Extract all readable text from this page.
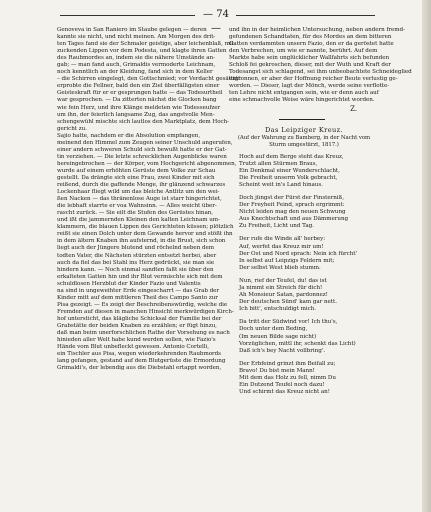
— 74 —
Genovevа in San Raniero im Staube gelegen — deren
kannte sie nicht, und nicht meinen. Am Morgen des drit-
ten Tages fand sie der Schmaler geistige, aber leichenblaß, mit
zuckenden Lippen vor dem Podesta, und klagte ihren Gatten
des Raubmordes an, indem sie die nähere Umstände an-
gab; — man fand auch, Grimaldis vermoderte Leichnam,
noch kenntlich an der Kleidung, fand sich in dem Keller
– die Schirren eingelegt, den Gottschmied; vor Verdacht gesättigt
erprobte die Fellner, bald den ein Ziel überfälligsten einer
Geisteskraft für er er gesprungen hatte — das Todesurtheil
war gesprochen. — Da zitterten nächst die Glocken bang
wie fein Herz, und ihre Klänge meldeten wie Todesseufzer
um ihn, der feierlich langsame Zug, das angstvolle Men-
schengewühl mischte sich lautlos den Marktplatz, dem Hoch-
gericht zu.
Sajio hatte, nachdem er die Absolution empfangen,
meinend den Himmel zum Zeugen seiner Unschuld angerufen,
einer andern schweren Schuld sich bewußt hatte er der Gat-
tin verziehen. — Die letzte schrecklichen Augenblicke waren
hereingebrochen — der Körper, vom Hochgericht abgenommen,
wurde auf einem erhöhten Gerüste dem Volke zur Schau
gestellt. Da drängte sich eine Frau, zwei Kinder mit sich
reißend, durch die gaffende Menge, ihr glänzend schwarzes
Lockenhaar fliegt wild um das bleiche Antlitz um den wei-
ßen Nacken — das thränenlose Auge ist starr hingerichtet,
die lebhaft starrte er voa Wahnsinn. — Alles weicht über-
rascht zurück. — Sie eilt die Stufen des Gerüstes hinan,
und ißt die jammernden Kleinen den kalten Leichnam um-
klammern, die blauen Lippen des Gerichteten küssen; plötzlich
reißt sie einen Dolch unter dem Gewande hervor und stößt ihn
in dem ältern Knaben ihn aufsternd, in die Brust, sich schon
liegt auch der Jüngere blutend und röchelnd neben dem
todten Vater, die Nächsten stürzten entsetzt herbei, aber
auch da fiel das bei Stahl ins Herz gedrückt, sie man sie
hindern kann. — Noch einmal sandten faßt sie über den
erkalteten Gatten hin und ihr Blut vermischte sich mit dem
schuldlosen Herzblut der Kinder Fazio und Valentis
na sind in ungeweihter Erde eingescharrt — das Grab der
Kinder mitt auf dem mittleren Theil des Campo Santo zur
Pisa gezeigt. — Es zeigt der Beschreibenswürdig, welche die
Fremden auf diesen in manchen Hinsicht merkwürdigen Kirch-
hof untersticht, das klägliche Schicksal der Familie bei der
Grabstätte der beiden Knaben zu erzählen; er fügt hinzu,
daß man beim unerforschlichen Rathe der Vorsehung es nach
hinieden aller Welt habe kund werden sollen, wie Fazio's
Hände vom Blut unbefleckt gewesen. Antonio Cortelli,
ein Tischler aus Pisa, wegen wiederkehrenden Raubmords
lang gefangen, gestand auf dem Blutgerüste die Ermordung
Grimaldi's, der lebendig aus die Diebstahl ertappt worden,
und ihn in der heimlichen Untersuchung, neben andern fremd-
gefundenen Schandtaten, für des Mordes an dem bitteren
Gatten verdammten unsern Fazio, den er da geröstet hatte
den Verbrechen, um wie er nannte, berührt. Auf dem
Markte habe sein unglücklicher Wallfahrts sich befunden
Schloß fei gekroschen, dieser, mit der Wuth und Kraft der
Todesangst sich schlagend, sei ihm unbeobachtete Schneideglied
entronnen, er aber der Hoffnung reicher Beute verlustig ge-
worden. — Dieser, lagt der Mönch, werde seine verflotte-
ten Lehre nicht entgangen sein, wie er denn auch auf
eine schmachvolle Weise wäre hingerichtet worden.
Z.
Das Leipziger Kreuz.
(Auf der Wahrung zu Bamberg, in der Nacht vom Sturm umgestürzt, 1817.)
Hoch auf dem Berge steht das Kreuz,
Trutzt allen Stürmen Braus,
Ein Denkmal einer Wunderschlacht,
Die Freiheit unserm Volk gebracht,
Scheint weit in's Land hinaus.
Doch jüngst der Fürst der Finsterniß,
Der Freyheit Feind, sprach ergrimmt:
Nicht leiden mag den neuen Schwung
Aus Knechtschaft und aus Dämmerung
Zu Freiheit, Licht und Tag.
Der rufe die Winde all' herbey:
Auf, werfet das Kreuz mir um!
Der Ost und Nord sprach: Nein ich fürcht'
In selbst auf Leipzigs Feldern mit;
Der selbst West blieb stumm.
Nun, rief der Teufel, du! das ist
Ja nimmt ein Streich für dich!
Ah Monsieur Satan, pardonnez!
Der deutschen Sünd' kam gar nett.
Ich bitt', entschuldigt mich.
Da tritt der Südwind vor! Ich thu's,
Doch unter dem Beding,
(Im neuen Bilde sage nicht)
Vorzüglichen, mittl ihr, schenkt das Licht)
Daß ich's bey Nacht vollbring'.
Der Erbfeind grinzt ihm Beifall zu;
Bravo! Du bist mein Mann!
Mit dem das Holz zu fell, nimm Du
Ein Dutzend Teufel noch dazu!
Und schirmt das Kreuz nicht an!
